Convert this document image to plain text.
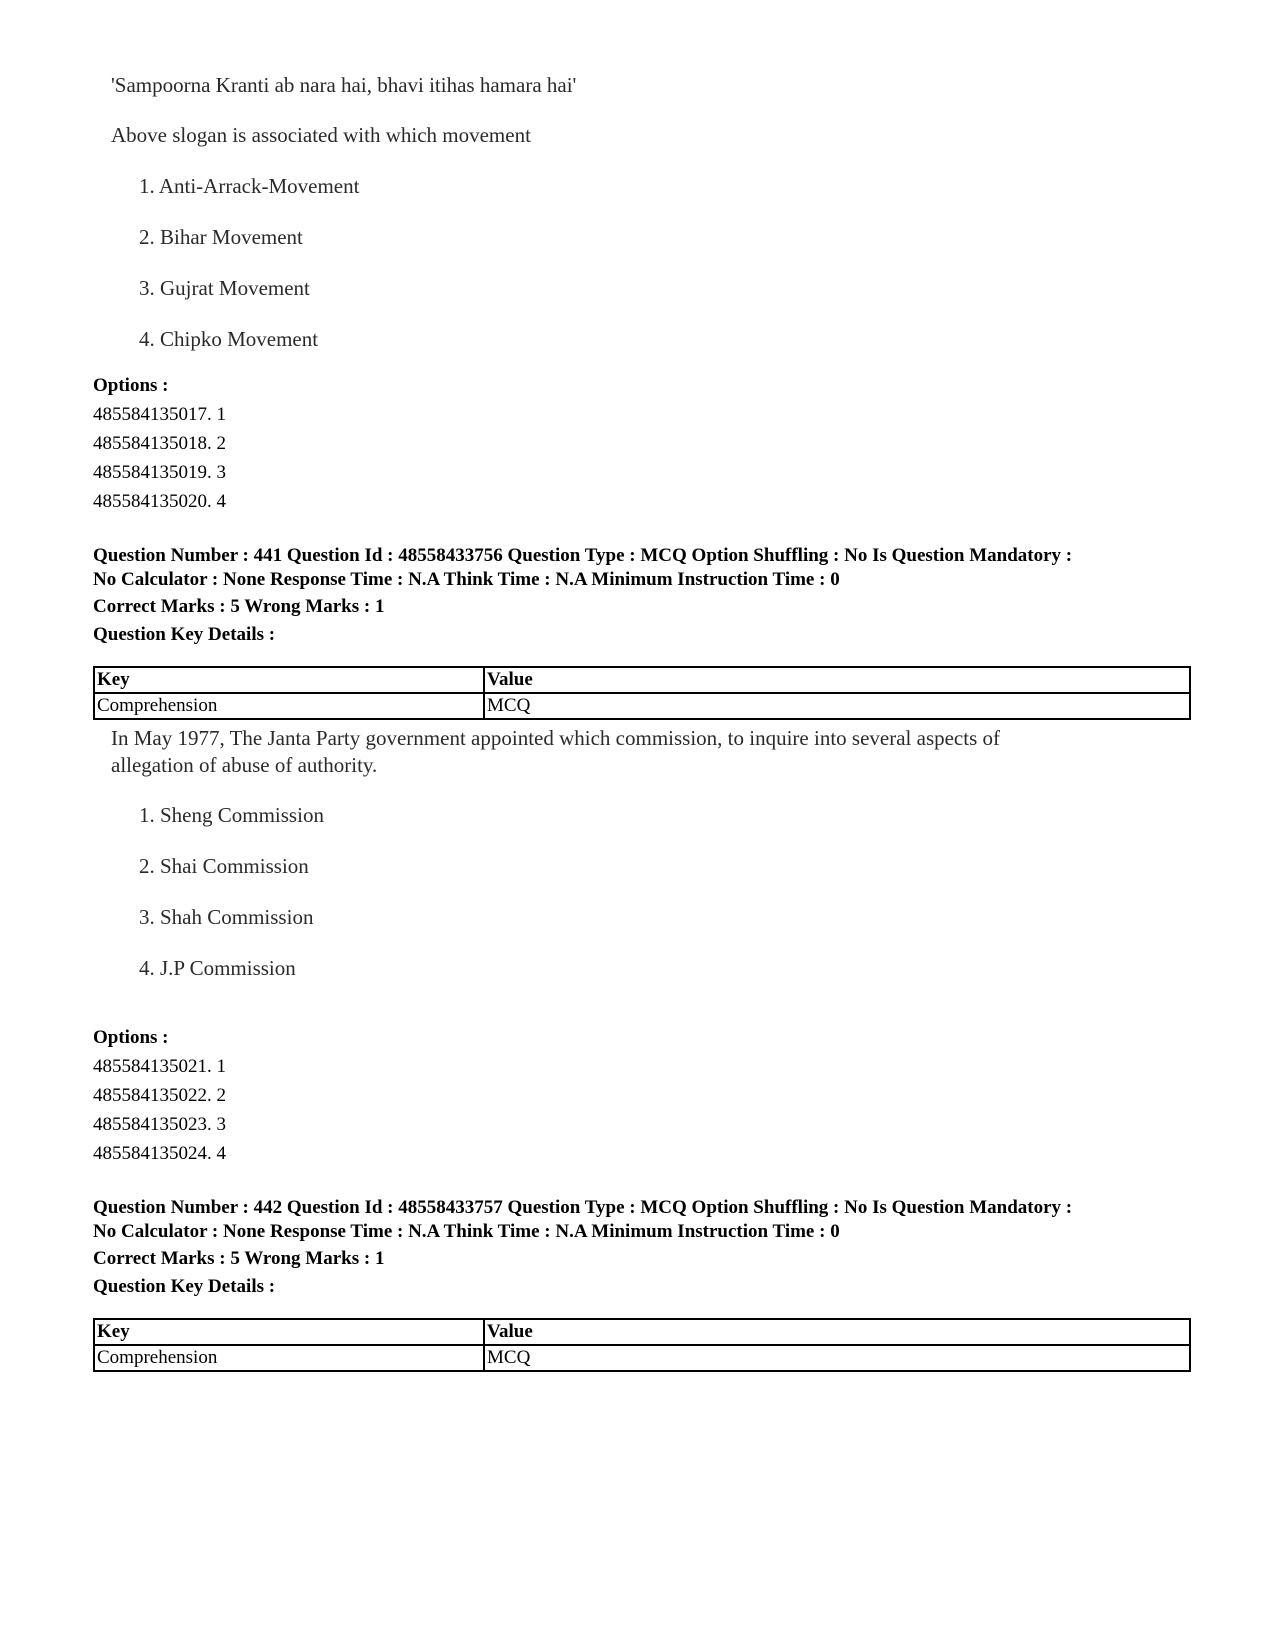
'Sampoorna Kranti ab nara hai, bhavi itihas hamara hai'

Above slogan is associated with which movement

1. Anti-Arrack-Movement
2. Bihar Movement
3. Gujrat Movement
4. Chipko Movement
Options :
485584135017. 1
485584135018. 2
485584135019. 3
485584135020. 4
Question Number : 441 Question Id : 48558433756 Question Type : MCQ Option Shuffling : No Is Question Mandatory :
No Calculator : None Response Time : N.A Think Time : N.A Minimum Instruction Time : 0
Correct Marks : 5 Wrong Marks : 1
Question Key Details :
Key	Value
Comprehension	MCQ

In May 1977, The Janta Party government appointed which commission, to inquire into several aspects of

allegation of abuse of authority.

1. Sheng Commission
2. Shai Commission
3. Shah Commission
4. J.P Commission
Options :
485584135021. 1
485584135022. 2
485584135023. 3
485584135024. 4
Question Number : 442 Question Id : 48558433757 Question Type : MCQ Option Shuffling : No Is Question Mandatory :
No Calculator : None Response Time : N.A Think Time : N.A Minimum Instruction Time : 0
Correct Marks : 5 Wrong Marks : 1
Question Key Details :
Key	Value
Comprehension	MCQ
